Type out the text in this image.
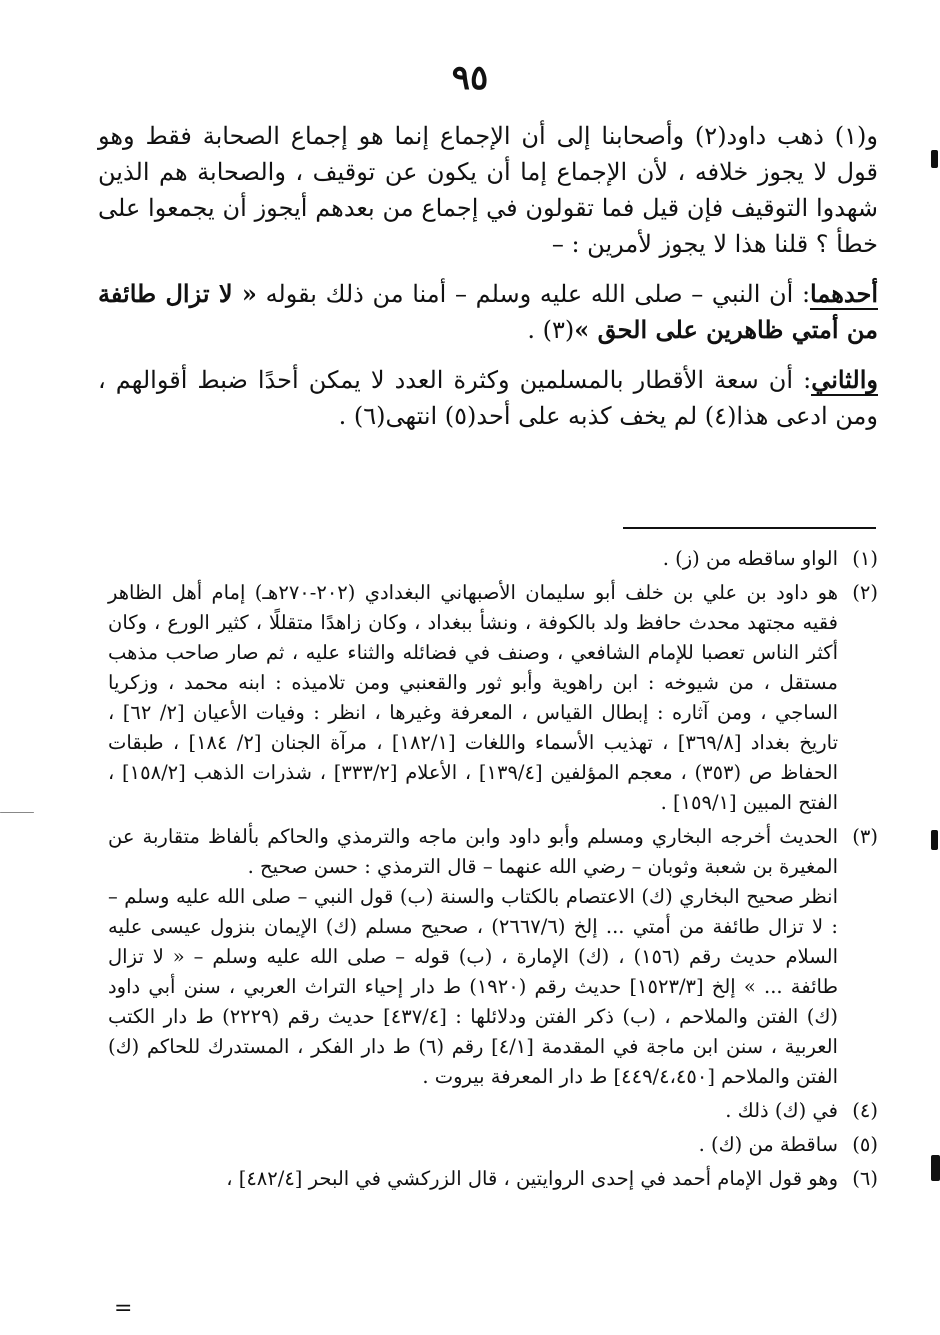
٩٥

و(١) ذهب داود(٢) وأصحابنا إلى أن الإجماع إنما هو إجماع الصحابة فقط وهو قول لا يجوز خلافه ، لأن الإجماع إما أن يكون عن توقيف ، والصحابة هم الذين شهدوا التوقيف فإن قيل فما تقولون في إجماع من بعدهم أيجوز أن يجمعوا على خطأ ؟ قلنا هذا لا يجوز لأمرين : –

أحدهما: أن النبي – صلى الله عليه وسلم – أمنا من ذلك بقوله « لا تزال طائفة من أمتي ظاهرين على الحق »(٣) .

والثاني: أن سعة الأقطار بالمسلمين وكثرة العدد لا يمكن أحدًا ضبط أقوالهم ، ومن ادعى هذا(٤) لم يخف كذبه على أحد(٥) انتهى(٦) .

(١)

الواو ساقطه من (ز) .

(٢)

هو داود بن علي بن خلف أبو سليمان الأصبهاني البغدادي (٢٠٢-٢٧٠هـ) إمام أهل الظاهر فقيه مجتهد محدث حافظ ولد بالكوفة ، ونشأ ببغداد ، وكان زاهدًا متقللًا ، كثير الورع ، وكان أكثر الناس تعصبا للإمام الشافعي ، وصنف في فضائله والثناء عليه ، ثم صار صاحب مذهب مستقل ، من شيوخه : ابن راهوية وأبو ثور والقعنبي ومن تلاميذه : ابنه محمد ، وزكريا الساجي ، ومن آثاره : إبطال القياس ، المعرفة وغيرها ، انظر : وفيات الأعيان [٢/ ٦٢] ، تاريخ بغداد [٣٦٩/٨] ، تهذيب الأسماء واللغات [١٨٢/١] ، مرآة الجنان [٢/ ١٨٤] ، طبقات الحفاظ ص (٣٥٣) ، معجم المؤلفين [١٣٩/٤] ، الأعلام [٣٣٣/٢] ، شذرات الذهب [١٥٨/٢] ، الفتح المبين [١٥٩/١] .

(٣)

الحديث أخرجه البخاري ومسلم وأبو داود وابن ماجه والترمذي والحاكم بألفاظ متقاربة عن المغيرة بن شعبة وثوبان – رضي الله عنهما – قال الترمذي : حسن صحيح .

انظر صحيح البخاري (ك) الاعتصام بالكتاب والسنة (ب) قول النبي – صلى الله عليه وسلم – : لا تزال طائفة من أمتي ... إلخ (٢٦٦٧/٦) ، صحيح مسلم (ك) الإيمان بنزول عيسى عليه السلام حديث رقم (١٥٦) ، (ك) الإمارة ، (ب) قوله – صلى الله عليه وسلم – « لا تزال طائفة ... » إلخ [١٥٢٣/٣] حديث رقم (١٩٢٠) ط دار إحياء التراث العربي ، سنن أبي داود (ك) الفتن والملاحم ، (ب) ذكر الفتن ودلائلها : [٤٣٧/٤] حديث رقم (٢٢٢٩) ط دار الكتب العربية ، سنن ابن ماجة في المقدمة [٤/١] رقم (٦) ط دار الفكر ، المستدرك للحاكم (ك) الفتن والملاحم [٤٤٩/٤،٤٥٠] ط دار المعرفة بيروت .

(٤)

في (ك) ذلك .

(٥)

ساقطة من (ك) .

(٦)

وهو قول الإمام أحمد في إحدى الروايتين ، قال الزركشي في البحر [٤٨٢/٤] ،

=
